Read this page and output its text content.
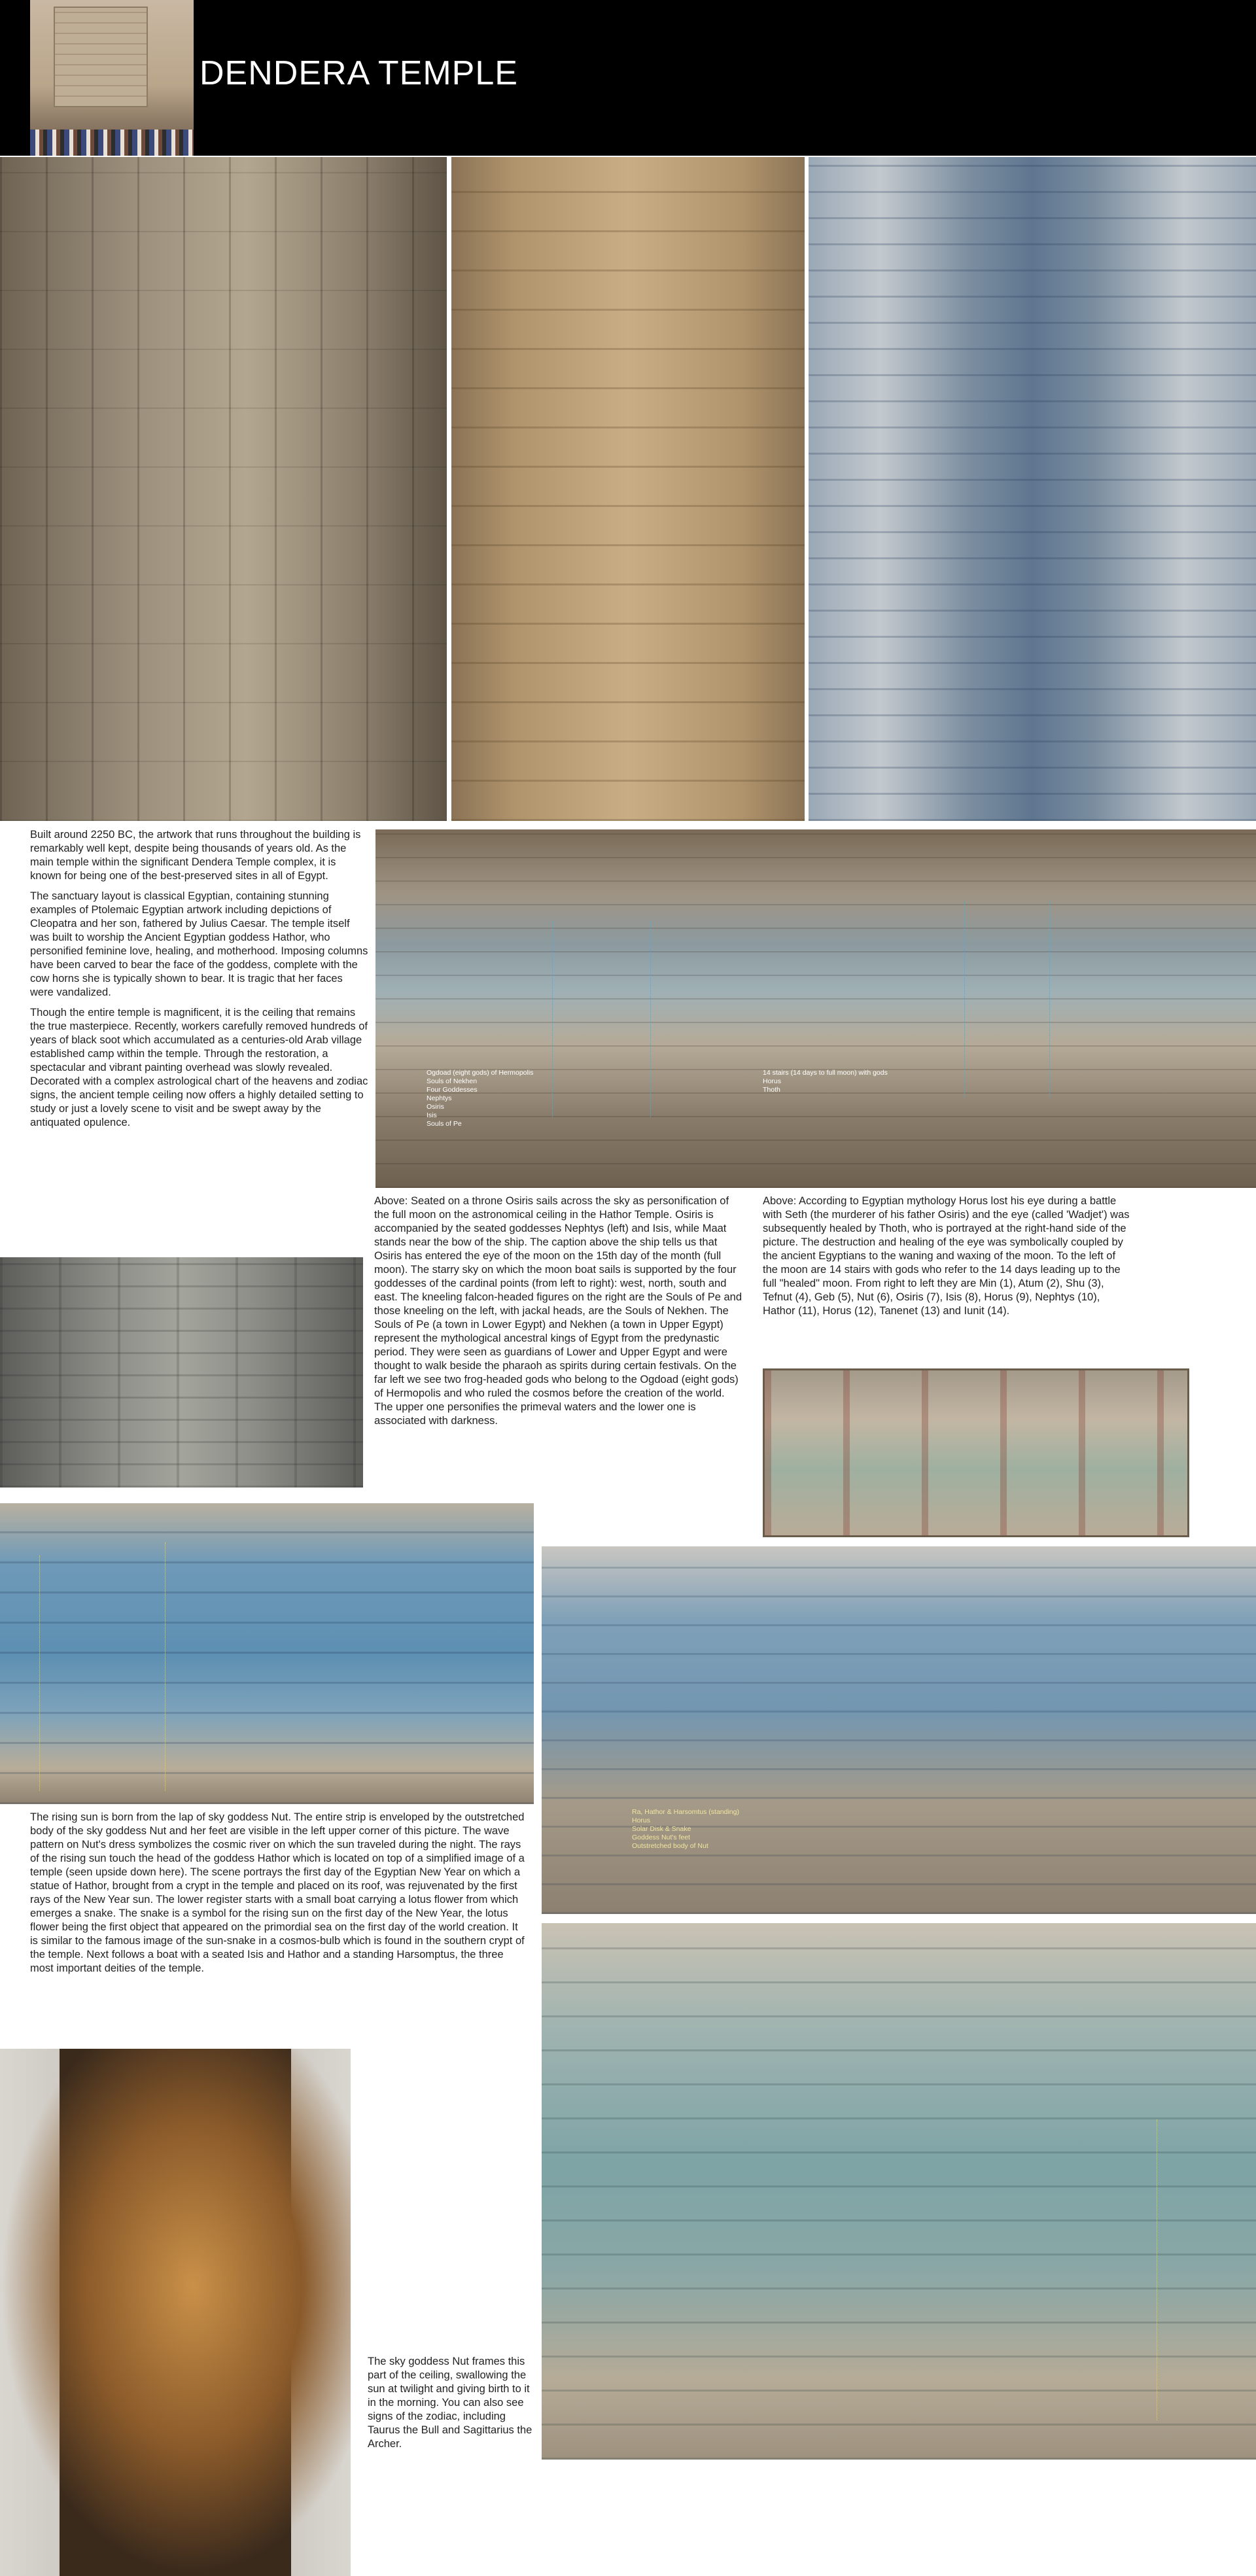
DENDERA TEMPLE

Built around 2250 BC, the artwork that runs throughout the building is remarkably well kept, despite being thousands of years old. As the main temple within the significant Dendera Temple complex, it is known for being one of the best-preserved sites in all of Egypt.

The sanctuary layout is classical Egyptian, containing stunning examples of Ptolemaic Egyptian artwork including depictions of Cleopatra and her son, fathered by Julius Caesar. The temple itself was built to worship the Ancient Egyptian goddess Hathor, who personified feminine love, healing, and motherhood. Imposing columns have been carved to bear the face of the goddess, complete with the cow horns she is typically shown to bear. It is tragic that her faces were vandalized.

Though the entire temple is magnificent, it is the ceiling that remains the true masterpiece. Recently, workers carefully removed hundreds of years of black soot which accumulated as a centuries-old Arab village established camp within the temple. Through the restoration, a spectacular and vibrant painting overhead was slowly revealed. Decorated with a complex astrological chart of the heavens and zodiac signs, the ancient temple ceiling now offers a highly detailed setting to study or just a lovely scene to visit and be swept away by the antiquated opulence.

Ogdoad (eight gods) of Hermopolis
Souls of Nekhen
Four Goddesses
Nephtys
Osiris
Isis
Souls of Pe
14 stairs (14 days to full moon) with gods
Horus
Thoth

Above: Seated on a throne Osiris sails across the sky as personification of the full moon on the astronomical ceiling in the Hathor Temple. Osiris is accompanied by the seated goddesses Nephtys (left) and Isis, while Maat stands near the bow of the ship. The caption above the ship tells us that Osiris has entered the eye of the moon on the 15th day of the month (full moon). The starry sky on which the moon boat sails is supported by the four goddesses of the cardinal points (from left to right): west, north, south and east. The kneeling falcon-headed figures on the right are the Souls of Pe and those kneeling on the left, with jackal heads, are the Souls of Nekhen. The Souls of Pe (a town in Lower Egypt) and Nekhen (a town in Upper Egypt) represent the mythological ancestral kings of Egypt from the predynastic period. They were seen as guardians of Lower and Upper Egypt and were thought to walk beside the pharaoh as spirits during certain festivals. On the far left we see two frog-headed gods who belong to the Ogdoad (eight gods) of Hermopolis and who ruled the cosmos before the creation of the world. The upper one personifies the primeval waters and the lower one is associated with darkness.

Above: According to Egyptian mythology Horus lost his eye during a battle with Seth (the murderer of his father Osiris) and the eye (called 'Wadjet') was subsequently healed by Thoth, who is portrayed at the right-hand side of the picture. The destruction and healing of the eye was symbolically coupled by the ancient Egyptians to the waning and waxing of the moon. To the left of the moon are 14 stairs with gods who refer to the 14 days leading up to the full "healed" moon. From right to left they are Min (1), Atum (2), Shu (3), Tefnut (4), Geb (5), Nut (6), Osiris (7), Isis (8), Horus (9), Nephtys (10), Hathor (11), Horus (12), Tanenet (13) and Iunit (14).

Ra, Hathor & Harsomtus (standing)
Horus
Solar Disk & Snake
Goddess Nut's feet
Outstretched body of Nut

The rising sun is born from the lap of sky goddess Nut. The entire strip is enveloped by the outstretched body of the sky goddess Nut and her feet are visible in the left upper corner of this picture. The wave pattern on Nut's dress symbolizes the cosmic river on which the sun traveled during the night. The rays of the rising sun touch the head of the goddess Hathor which is located on top of a simplified image of a temple (seen upside down here). The scene portrays the first day of the Egyptian New Year on which a statue of Hathor, brought from a crypt in the temple and placed on its roof, was rejuvenated by the first rays of the New Year sun. The lower register starts with a small boat carrying a lotus flower from which emerges a snake. The snake is a symbol for the rising sun on the first day of the New Year, the lotus flower being the first object that appeared on the primordial sea on the first day of the world creation. It is similar to the famous image of the sun-snake in a cosmos-bulb which is found in the southern crypt of the temple. Next follows a boat with a seated Isis and Hathor and a standing Harsomptus, the three most important deities of the temple.

The sky goddess Nut frames this part of the ceiling, swallowing the sun at twilight and giving birth to it in the morning. You can also see signs of the zodiac, including Taurus the Bull and Sagittarius the Archer.
